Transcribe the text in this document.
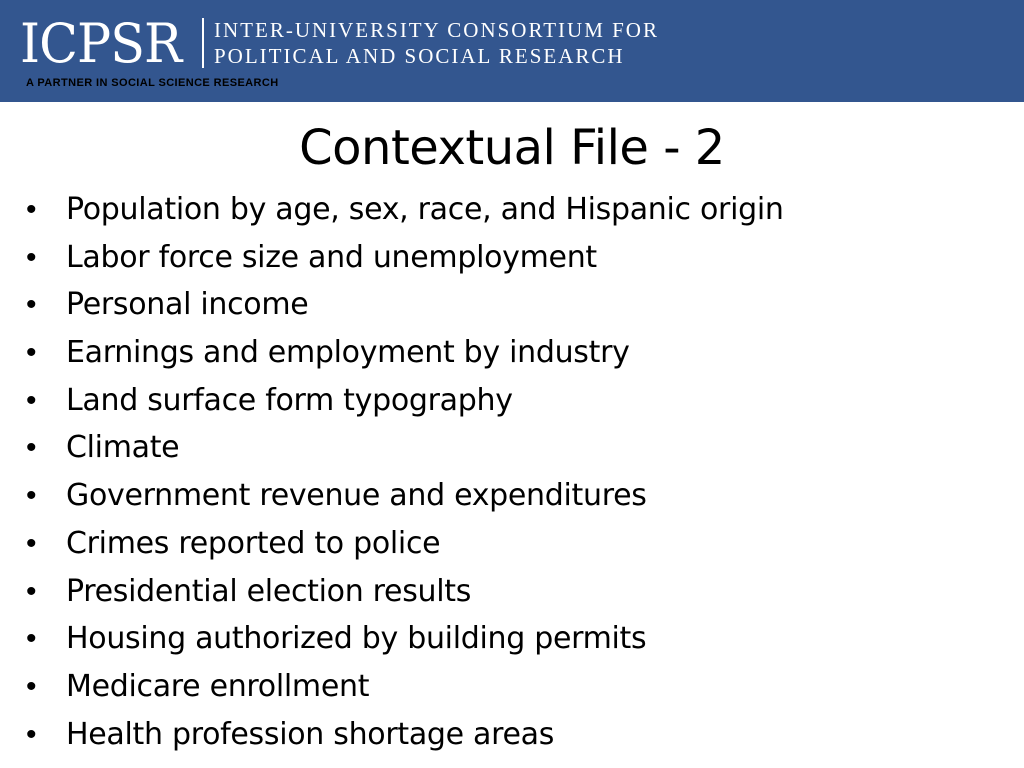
ICPSR INTER-UNIVERSITY CONSORTIUM FOR
POLITICAL AND SOCIAL RESEARCH
A PARTNER IN SOCIAL SCIENCE RESEARCH
Contextual File - 2
• Population by age, sex, race, and Hispanic origin
• Labor force size and unemployment
• Personal income
• Earnings and employment by industry
• Land surface form typography
• Climate
• Government revenue and expenditures
• Crimes reported to police
• Presidential election results
• Housing authorized by building permits
• Medicare enrollment
• Health profession shortage areas
